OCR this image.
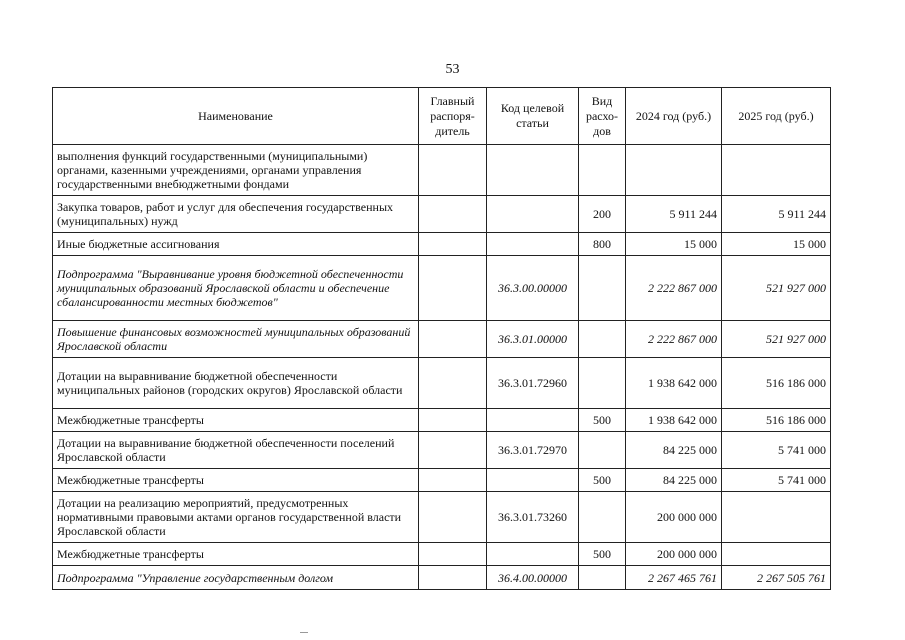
53
Наименование	Главный распоря-дитель	Код целевой статьи	Вид расхо-дов	2024 год (руб.)	2025 год (руб.)
выполнения функций государственными (муниципальными) органами, казенными учреждениями, органами управления государственными внебюджетными фондами					
Закупка товаров, работ и услуг для обеспечения государственных (муниципальных) нужд			200	5 911 244	5 911 244
Иные бюджетные ассигнования			800	15 000	15 000
Подпрограмма "Выравнивание уровня бюджетной обеспеченности муниципальных образований Ярославской области и обеспечение сбалансированности местных бюджетов"		36.3.00.00000		2 222 867 000	521 927 000
Повышение финансовых возможностей муниципальных образований Ярославской области		36.3.01.00000		2 222 867 000	521 927 000
Дотации на выравнивание бюджетной обеспеченности муниципальных районов (городских округов) Ярославской области		36.3.01.72960		1 938 642 000	516 186 000
Межбюджетные трансферты			500	1 938 642 000	516 186 000
Дотации на выравнивание бюджетной обеспеченности поселений Ярославской области		36.3.01.72970		84 225 000	5 741 000
Межбюджетные трансферты			500	84 225 000	5 741 000
Дотации на реализацию мероприятий, предусмотренных нормативными правовыми актами органов государственной власти Ярославской области		36.3.01.73260		200 000 000	
Межбюджетные трансферты			500	200 000 000	
Подпрограмма "Управление государственным долгом		36.4.00.00000		2 267 465 761	2 267 505 761
